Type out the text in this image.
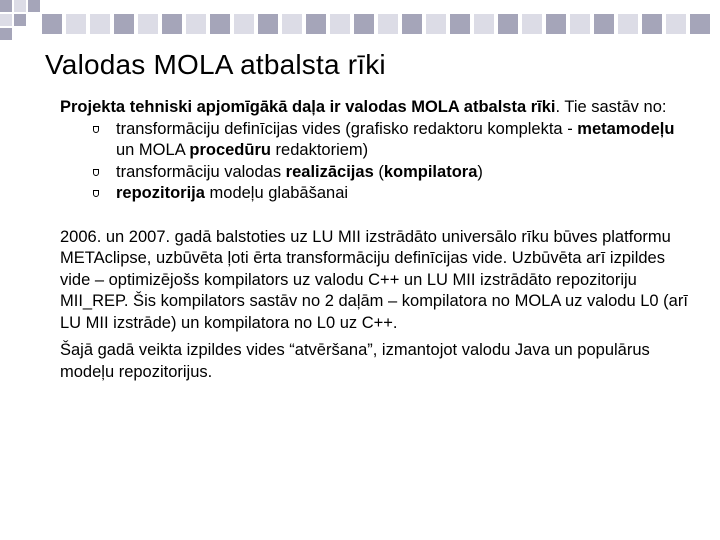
Valodas MOLA atbalsta rīki

Projekta tehniski apjomīgākā daļa ir valodas MOLA atbalsta rīki. Tie sastāv no:

transformāciju definīcijas vides (grafisko redaktoru komplekta - metamodeļu un MOLA procedūru redaktoriem)
transformāciju valodas realizācijas (kompilatora)
repozitorija modeļu glabāšanai

2006. un 2007. gadā balstoties uz LU MII izstrādāto universālo rīku būves platformu METAclipse, uzbūvēta ļoti ērta transformāciju definīcijas vide. Uzbūvēta arī izpildes vide – optimizējošs kompilators uz valodu C++ un LU MII izstrādāto repozitoriju MII_REP. Šis kompilators sastāv no 2 daļām – kompilatora no MOLA uz valodu L0 (arī LU MII izstrāde) un kompilatora no L0 uz C++.

Šajā gadā veikta izpildes vides “atvēršana”, izmantojot valodu Java un populārus modeļu repozitorijus.
